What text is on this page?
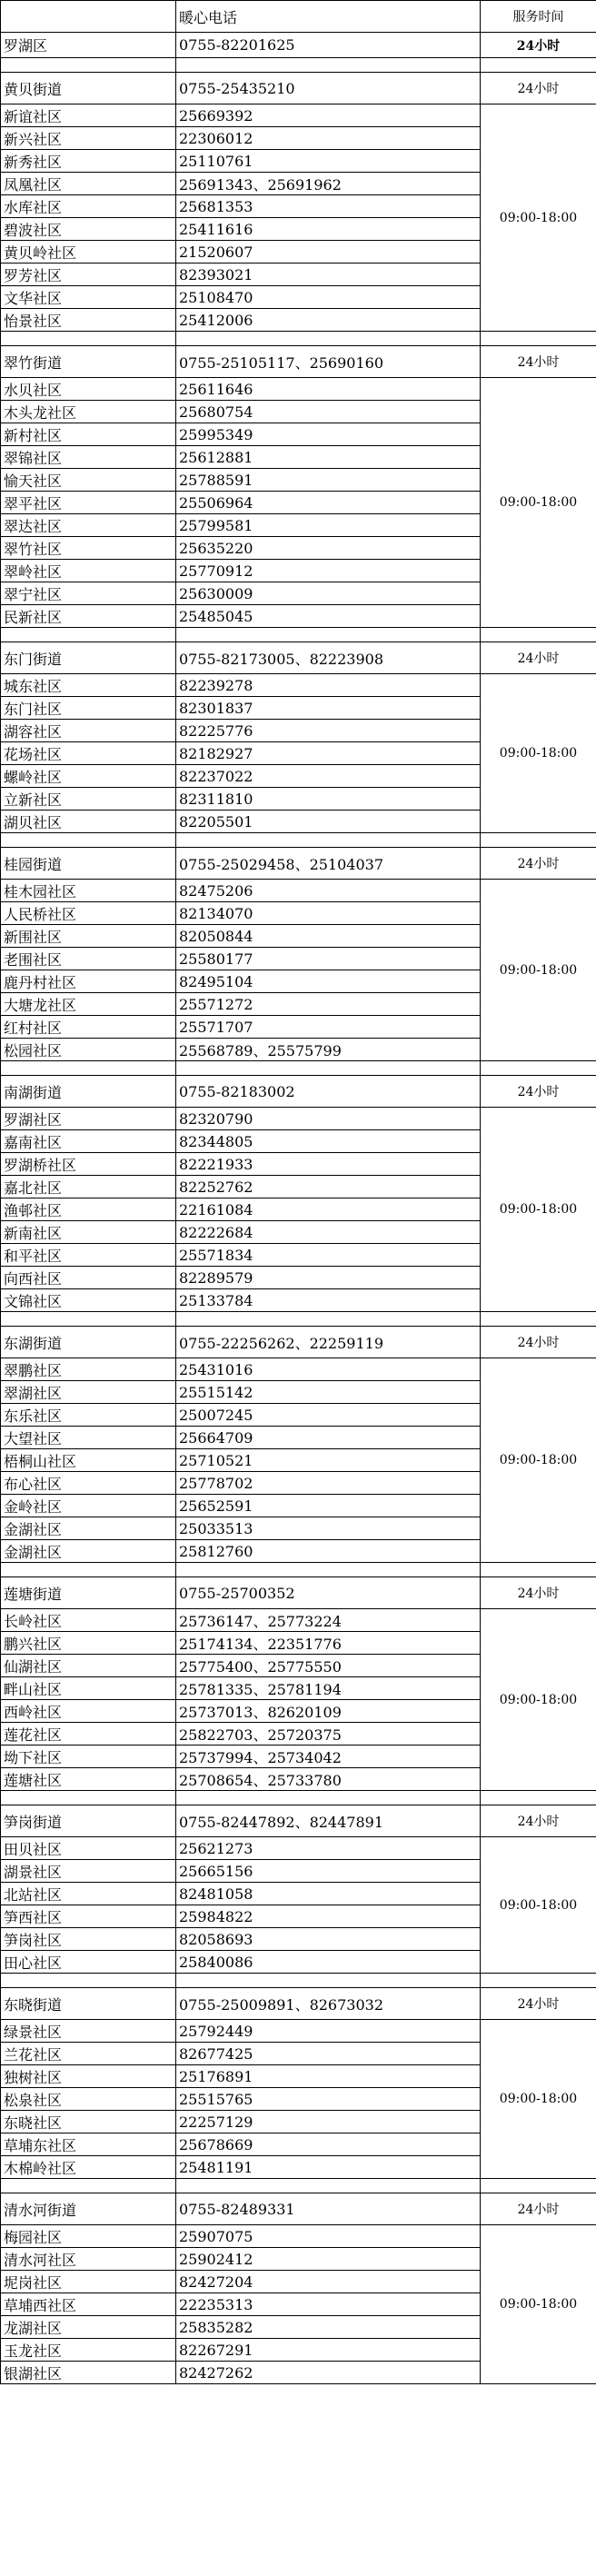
	暖心电话	服务时间
罗湖区	0755-82201625	24小时

黄贝街道	0755-25435210	24小时
新谊社区	25669392	09:00-18:00
新兴社区	22306012	
新秀社区	25110761	
凤凰社区	25691343、25691962	
水库社区	25681353	
碧波社区	25411616	
黄贝岭社区	21520607	
罗芳社区	82393021	
文华社区	25108470	
怡景社区	25412006	

翠竹街道	0755-25105117、25690160	24小时
水贝社区	25611646	09:00-18:00
木头龙社区	25680754	
新村社区	25995349	
翠锦社区	25612881	
愉天社区	25788591	
翠平社区	25506964	
翠达社区	25799581	
翠竹社区	25635220	
翠岭社区	25770912	
翠宁社区	25630009	
民新社区	25485045	

东门街道	0755-82173005、82223908	24小时
城东社区	82239278	09:00-18:00
东门社区	82301837	
湖容社区	82225776	
花场社区	82182927	
螺岭社区	82237022	
立新社区	82311810	
湖贝社区	82205501	

桂园街道	0755-25029458、25104037	24小时
桂木园社区	82475206	09:00-18:00
人民桥社区	82134070	
新围社区	82050844	
老围社区	25580177	
鹿丹村社区	82495104	
大塘龙社区	25571272	
红村社区	25571707	
松园社区	25568789、25575799	

南湖街道	0755-82183002	24小时
罗湖社区	82320790	09:00-18:00
嘉南社区	82344805	
罗湖桥社区	82221933	
嘉北社区	82252762	
渔邨社区	22161084	
新南社区	82222684	
和平社区	25571834	
向西社区	82289579	
文锦社区	25133784	

东湖街道	0755-22256262、22259119	24小时
翠鹏社区	25431016	09:00-18:00
翠湖社区	25515142	
东乐社区	25007245	
大望社区	25664709	
梧桐山社区	25710521	
布心社区	25778702	
金岭社区	25652591	
金湖社区	25033513	
金湖社区	25812760	

莲塘街道	0755-25700352	24小时
长岭社区	25736147、25773224	09:00-18:00
鹏兴社区	25174134、22351776	
仙湖社区	25775400、25775550	
畔山社区	25781335、25781194	
西岭社区	25737013、82620109	
莲花社区	25822703、25720375	
坳下社区	25737994、25734042	
莲塘社区	25708654、25733780	

笋岗街道	0755-82447892、82447891	24小时
田贝社区	25621273	09:00-18:00
湖景社区	25665156	
北站社区	82481058	
笋西社区	25984822	
笋岗社区	82058693	
田心社区	25840086	

东晓街道	0755-25009891、82673032	24小时
绿景社区	25792449	09:00-18:00
兰花社区	82677425	
独树社区	25176891	
松泉社区	25515765	
东晓社区	22257129	
草埔东社区	25678669	
木棉岭社区	25481191	

清水河街道	0755-82489331	24小时
梅园社区	25907075	09:00-18:00
清水河社区	25902412	
坭岗社区	82427204	
草埔西社区	22235313	
龙湖社区	25835282	
玉龙社区	82267291	
银湖社区	82427262	
